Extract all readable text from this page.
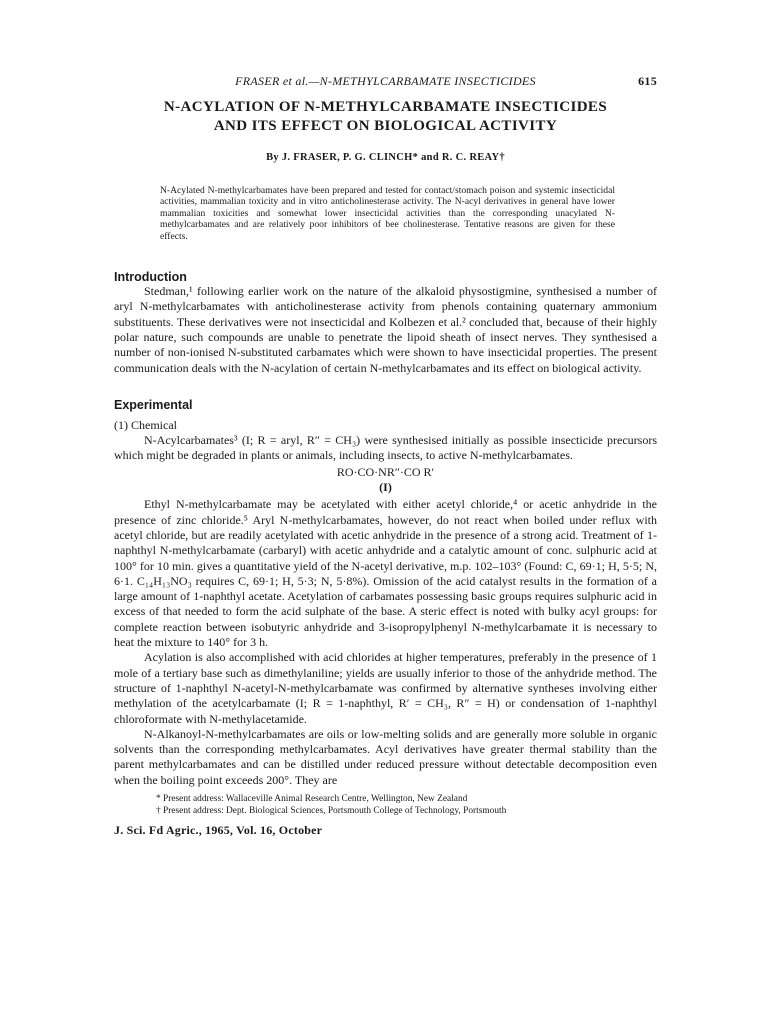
FRASER et al.—N-METHYLCARBAMATE INSECTICIDES	615
N-ACYLATION OF N-METHYLCARBAMATE INSECTICIDES
AND ITS EFFECT ON BIOLOGICAL ACTIVITY
By J. FRASER, P. G. CLINCH* and R. C. REAY†

N-Acylated N-methylcarbamates have been prepared and tested for contact/stomach poison and systemic insecticidal activities, mammalian toxicity and in vitro anticholinesterase activity. The N-acyl derivatives in general have lower mammalian toxicities and somewhat lower insecticidal activities than the corresponding unacylated N-methylcarbamates and are relatively poor inhibitors of bee cholinesterase. Tentative reasons are given for these effects.

Introduction

Stedman,¹ following earlier work on the nature of the alkaloid physostigmine, synthesised a number of aryl N-methylcarbamates with anticholinesterase activity from phenols containing quaternary ammonium substituents. These derivatives were not insecticidal and Kolbezen et al.² concluded that, because of their highly polar nature, such compounds are unable to penetrate the lipoid sheath of insect nerves. They synthesised a number of non-ionised N-substituted carbamates which were shown to have insecticidal properties. The present communication deals with the N-acylation of certain N-methylcarbamates and its effect on biological activity.

Experimental
(1) Chemical

N-Acylcarbamates³ (I; R = aryl, R″ = CH₃) were synthesised initially as possible insecticide precursors which might be degraded in plants or animals, including insects, to active N-methylcarbamates.

RO·CO·NR″·CO R′
(I)

Ethyl N-methylcarbamate may be acetylated with either acetyl chloride,⁴ or acetic anhydride in the presence of zinc chloride.⁵ Aryl N-methylcarbamates, however, do not react when boiled under reflux with acetyl chloride, but are readily acetylated with acetic anhydride in the presence of a strong acid. Treatment of 1-naphthyl N-methylcarbamate (carbaryl) with acetic anhydride and a catalytic amount of conc. sulphuric acid at 100° for 10 min. gives a quantitative yield of the N-acetyl derivative, m.p. 102–103° (Found: C, 69·1; H, 5·5; N, 6·1. C₁₄H₁₃NO₃ requires C, 69·1; H, 5·3; N, 5·8%). Omission of the acid catalyst results in the formation of a large amount of 1-naphthyl acetate. Acetylation of carbamates possessing basic groups requires sulphuric acid in excess of that needed to form the acid sulphate of the base. A steric effect is noted with bulky acyl groups: for complete reaction between isobutyric anhydride and 3-isopropylphenyl N-methylcarbamate it is necessary to heat the mixture to 140° for 3 h.

Acylation is also accomplished with acid chlorides at higher temperatures, preferably in the presence of 1 mole of a tertiary base such as dimethylaniline; yields are usually inferior to those of the anhydride method. The structure of 1-naphthyl N-acetyl-N-methylcarbamate was confirmed by alternative syntheses involving either methylation of the acetylcarbamate (I; R = 1-naphthyl, R′ = CH₃, R″ = H) or condensation of 1-naphthyl chloroformate with N-methylacetamide.

N-Alkanoyl-N-methylcarbamates are oils or low-melting solids and are generally more soluble in organic solvents than the corresponding methylcarbamates. Acyl derivatives have greater thermal stability than the parent methylcarbamates and can be distilled under reduced pressure without detectable decomposition even when the boiling point exceeds 200°. They are

* Present address: Wallaceville Animal Research Centre, Wellington, New Zealand
† Present address: Dept. Biological Sciences, Portsmouth College of Technology, Portsmouth
J. Sci. Fd Agric., 1965, Vol. 16, October
